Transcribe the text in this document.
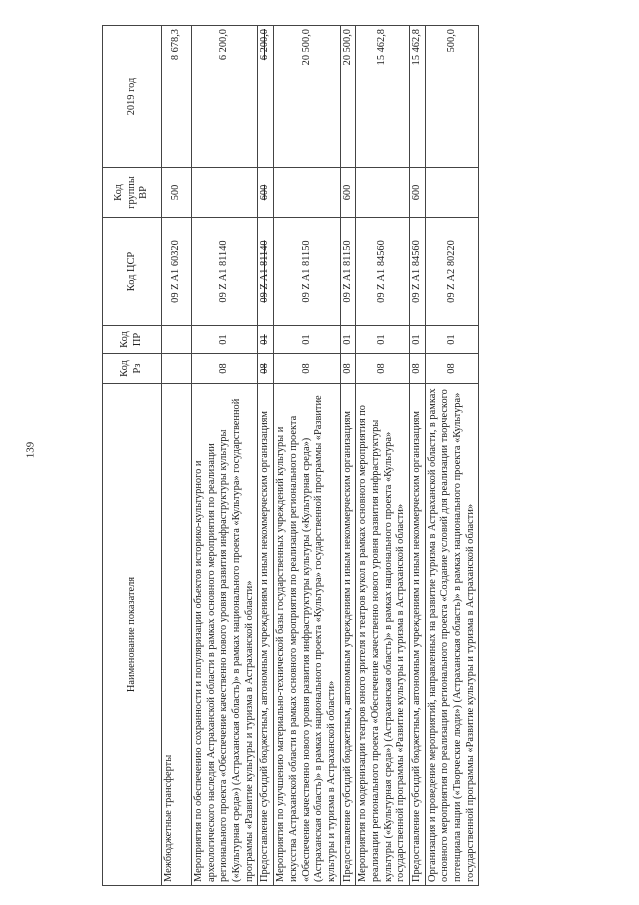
139
Наименование показателя	Код Рз	Код ПР	Код ЦСР	Код группы ВР	2019 год
Межбюджетные трансферты			09 Z A1 60320	500	8 678,3
Мероприятия по обеспечению сохранности и популяризации объектов историко-культурного и археологического наследия Астраханской области в рамках основного мероприятия по реализации регионального проекта «Обеспечение качественно нового уровня развития инфраструктуры культуры («Культурная среда») (Астраханская область)» в рамках национального проекта «Культура» государственной программы «Развитие культуры и туризма в Астраханской области»	08	01	09 Z A1 81140		6 200,0
Предоставление субсидий бюджетным, автономным учреждениям и иным некоммерческим организациям	08	01	09 Z A1 81140	600	6 200,0
Мероприятия по улучшению материально-технической базы государственных учреждений культуры и искусства Астраханской области в рамках основного мероприятия по реализации регионального проекта «Обеспечение качественно нового уровня развития инфраструктуры культуры («Культурная среда») (Астраханская область)» в рамках национального проекта «Культура» государственной программы «Развитие культуры и туризма в Астраханской области»	08	01	09 Z A1 81150		20 500,0
Предоставление субсидий бюджетным, автономным учреждениям и иным некоммерческим организациям	08	01	09 Z A1 81150	600	20 500,0
Мероприятия по модернизации театров юного зрителя и театров кукол в рамках основного мероприятия по реализации регионального проекта «Обеспечение качественно нового уровня развития инфраструктуры культуры («Культурная среда») (Астраханская область)» в рамках национального проекта «Культура» государственной программы «Развитие культуры и туризма в Астраханской области»	08	01	09 Z A1 84560		15 462,8
Предоставление субсидий бюджетным, автономным учреждениям и иным некоммерческим организациям	08	01	09 Z A1 84560	600	15 462,8
Организация и проведение мероприятий, направленных на развитие туризма в Астраханской области, в рамках основного мероприятия по реализации регионального проекта «Создание условий для реализации творческого потенциала нации («Творческие люди») (Астраханская область)» в рамках национального проекта «Культура» государственной программы «Развитие культуры и туризма в Астраханской области»	08	01	09 Z A2 80220		500,0
